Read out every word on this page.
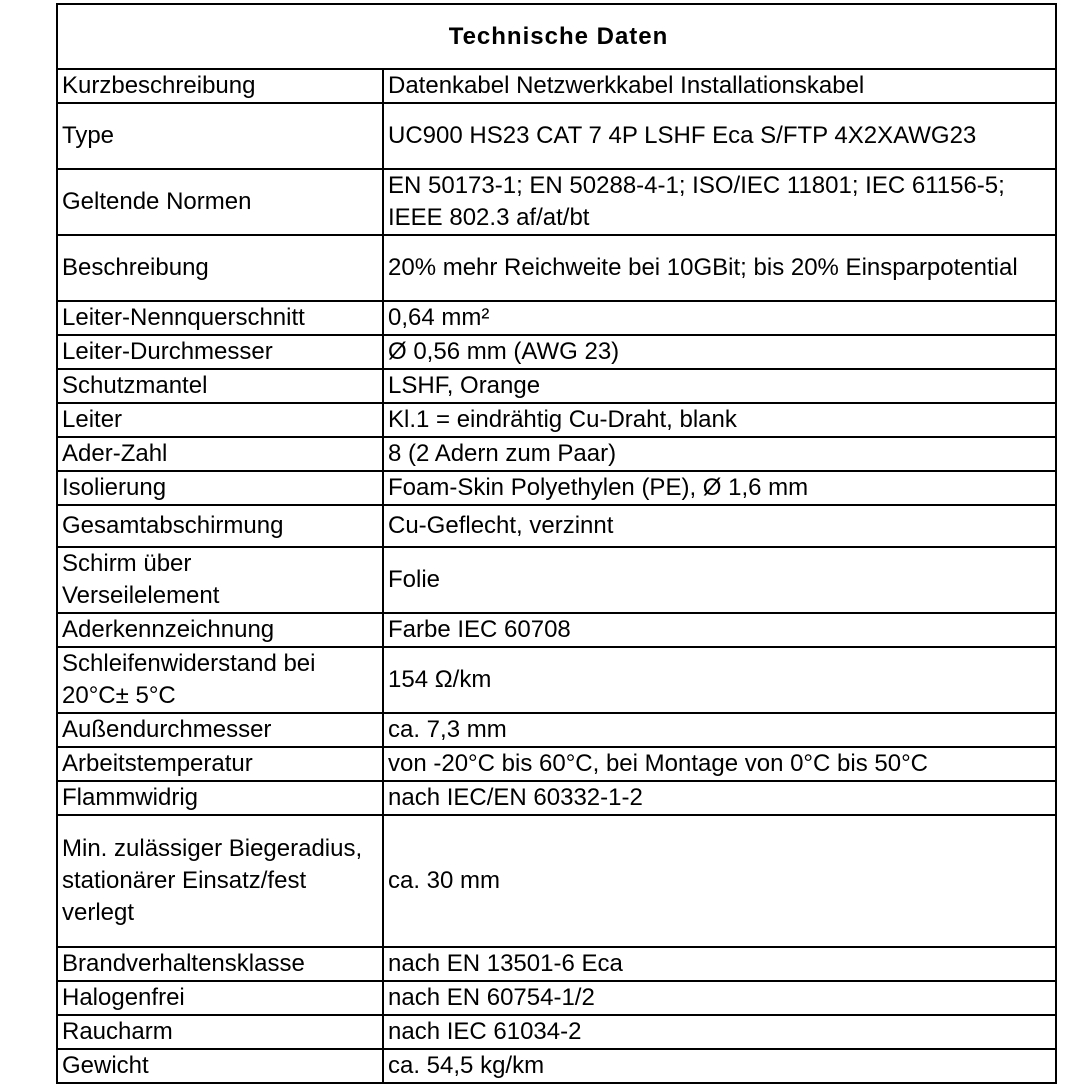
Technische Daten	
Kurzbeschreibung	Datenkabel Netzwerkkabel Installationskabel
Type	UC900 HS23 CAT 7 4P LSHF Eca S/FTP 4X2XAWG23
Geltende Normen	EN 50173-1; EN 50288-4-1; ISO/IEC 11801; IEC 61156-5; IEEE 802.3 af/at/bt
Beschreibung	20% mehr Reichweite bei 10GBit; bis 20% Einsparpotential
Leiter-Nennquerschnitt	0,64 mm²
Leiter-Durchmesser	Ø 0,56 mm (AWG 23)
Schutzmantel	LSHF, Orange
Leiter	Kl.1 = eindrähtig Cu-Draht, blank
Ader-Zahl	8 (2 Adern zum Paar)
Isolierung	Foam-Skin Polyethylen (PE), Ø 1,6 mm
Gesamtabschirmung	Cu-Geflecht, verzinnt
Schirm über Verseilelement	Folie
Aderkennzeichnung	Farbe IEC 60708
Schleifenwiderstand bei 20°C± 5°C	154 Ω/km
Außendurchmesser	ca. 7,3 mm
Arbeitstemperatur	von -20°C bis 60°C, bei Montage von 0°C bis 50°C
Flammwidrig	nach IEC/EN 60332-1-2
Min. zulässiger Biegeradius, stationärer Einsatz/fest verlegt	ca. 30 mm
Brandverhaltensklasse	nach EN 13501-6 Eca
Halogenfrei	nach EN 60754-1/2
Raucharm	nach IEC 61034-2
Gewicht	ca. 54,5 kg/km
